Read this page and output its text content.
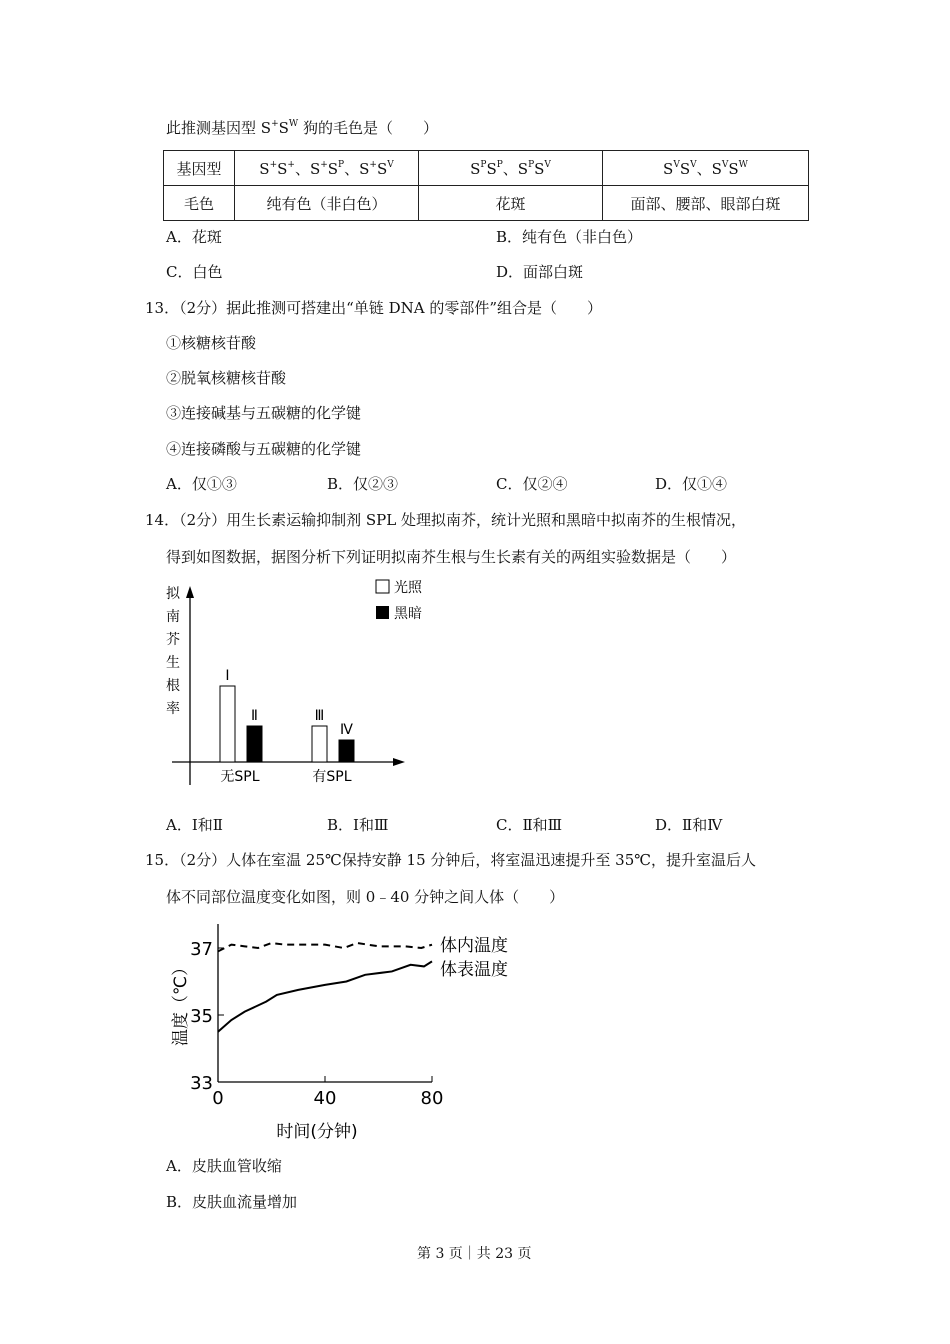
此推测基因型 $S^+S^W$ 狗的毛色是（　　）
基因型	S+S+、$S^+S^P$、$S^+S^V$	$S^PS^P$、$S^PS^V$	$S^VS^V$、$S^VS^W$
毛色	纯有色（非白色）	花斑	面部、腰部、眼部白斑
A．花斑	B．纯有色（非白色）
C．白色	D．面部白斑
13．（2分）据此推测可搭建出“单链 DNA 的零部件”组合是（　　）
①核糖核苷酸
②脱氧核糖核苷酸
③连接碱基与五碳糖的化学键
④连接磷酸与五碳糖的化学键
A．仅①③	B．仅②③	C．仅②④	D．仅①④
14．（2分）用生长素运输抑制剂 SPL 处理拟南芥，统计光照和黑暗中拟南芥的生根情况，
得到如图数据，据图分析下列证明拟南芥生根与生长素有关的两组实验数据是（　　）
A．Ⅰ和Ⅱ	B．Ⅰ和Ⅲ	C．Ⅱ和Ⅲ	D．Ⅱ和Ⅳ
15．（2分）人体在室温 25℃保持安静 15 分钟后，将室温迅速提升至 35℃，提升室温后人
体不同部位温度变化如图，则 0﹣40 分钟之间人体（　　）
A．皮肤血管收缩
B．皮肤血流量增加
第 3 页｜共 23 页
拟
南
芥
生
根
率
光照
黑暗
无SPL
Ⅰ
Ⅱ
有SPL
Ⅲ
Ⅳ
33
35
37
0	40	80
时间(分钟)
温度（℃）
体内温度
体表温度
